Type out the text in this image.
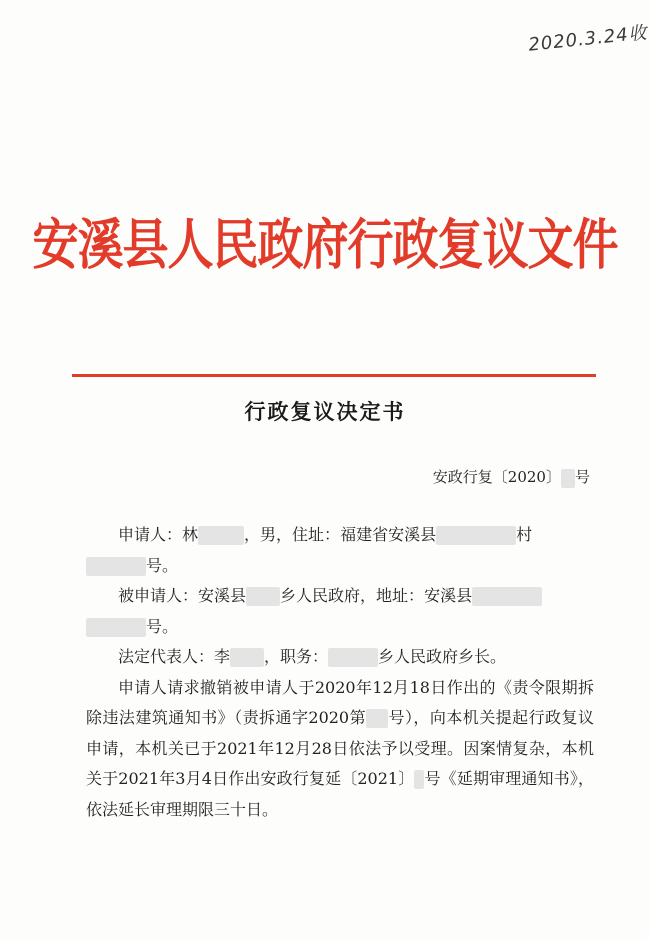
2020.3.24收
安溪县人民政府行政复议文件
行政复议决定书
安政行复〔2020〕 号

申请人：林	，男，住址：福建省安溪县	村

号。

被申请人：安溪县 乡人民政府，地址：安溪县

号。

法定代表人：李 ，职务：	乡人民政府乡长。

申请人请求撤销被申请人于2020年12月18日作出的《责令限期拆除违法建筑通知书》（责拆通字2020第 号），向本机关提起行政复议申请，本机关已于2021年12月28日依法予以受理。因案情复杂，本机关于2021年3月4日作出安政行复延〔2021〕 号《延期审理通知书》，依法延长审理期限三十日。
